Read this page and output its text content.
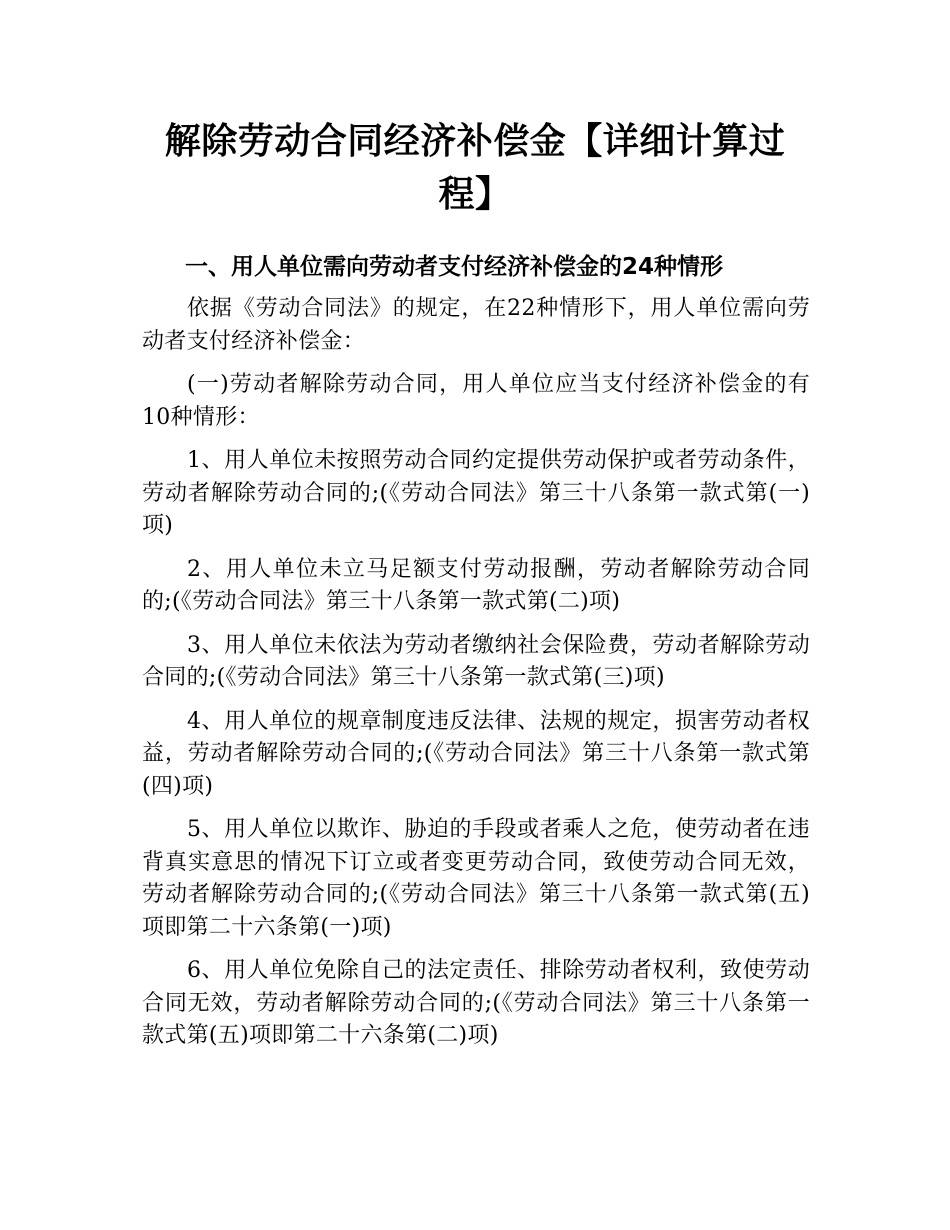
解除劳动合同经济补偿金【详细计算过程】
一、用人单位需向劳动者支付经济补偿金的24种情形

依据《劳动合同法》的规定，在22种情形下，用人单位需向劳动者支付经济补偿金：

(一)劳动者解除劳动合同，用人单位应当支付经济补偿金的有10种情形：

1、用人单位未按照劳动合同约定提供劳动保护或者劳动条件，劳动者解除劳动合同的;(《劳动合同法》第三十八条第一款式第(一)项)

2、用人单位未立马足额支付劳动报酬，劳动者解除劳动合同的;(《劳动合同法》第三十八条第一款式第(二)项)

3、用人单位未依法为劳动者缴纳社会保险费，劳动者解除劳动合同的;(《劳动合同法》第三十八条第一款式第(三)项)

4、用人单位的规章制度违反法律、法规的规定，损害劳动者权益，劳动者解除劳动合同的;(《劳动合同法》第三十八条第一款式第(四)项)

5、用人单位以欺诈、胁迫的手段或者乘人之危，使劳动者在违背真实意思的情况下订立或者变更劳动合同，致使劳动合同无效，劳动者解除劳动合同的;(《劳动合同法》第三十八条第一款式第(五)项即第二十六条第(一)项)

6、用人单位免除自己的法定责任、排除劳动者权利，致使劳动合同无效，劳动者解除劳动合同的;(《劳动合同法》第三十八条第一款式第(五)项即第二十六条第(二)项)
